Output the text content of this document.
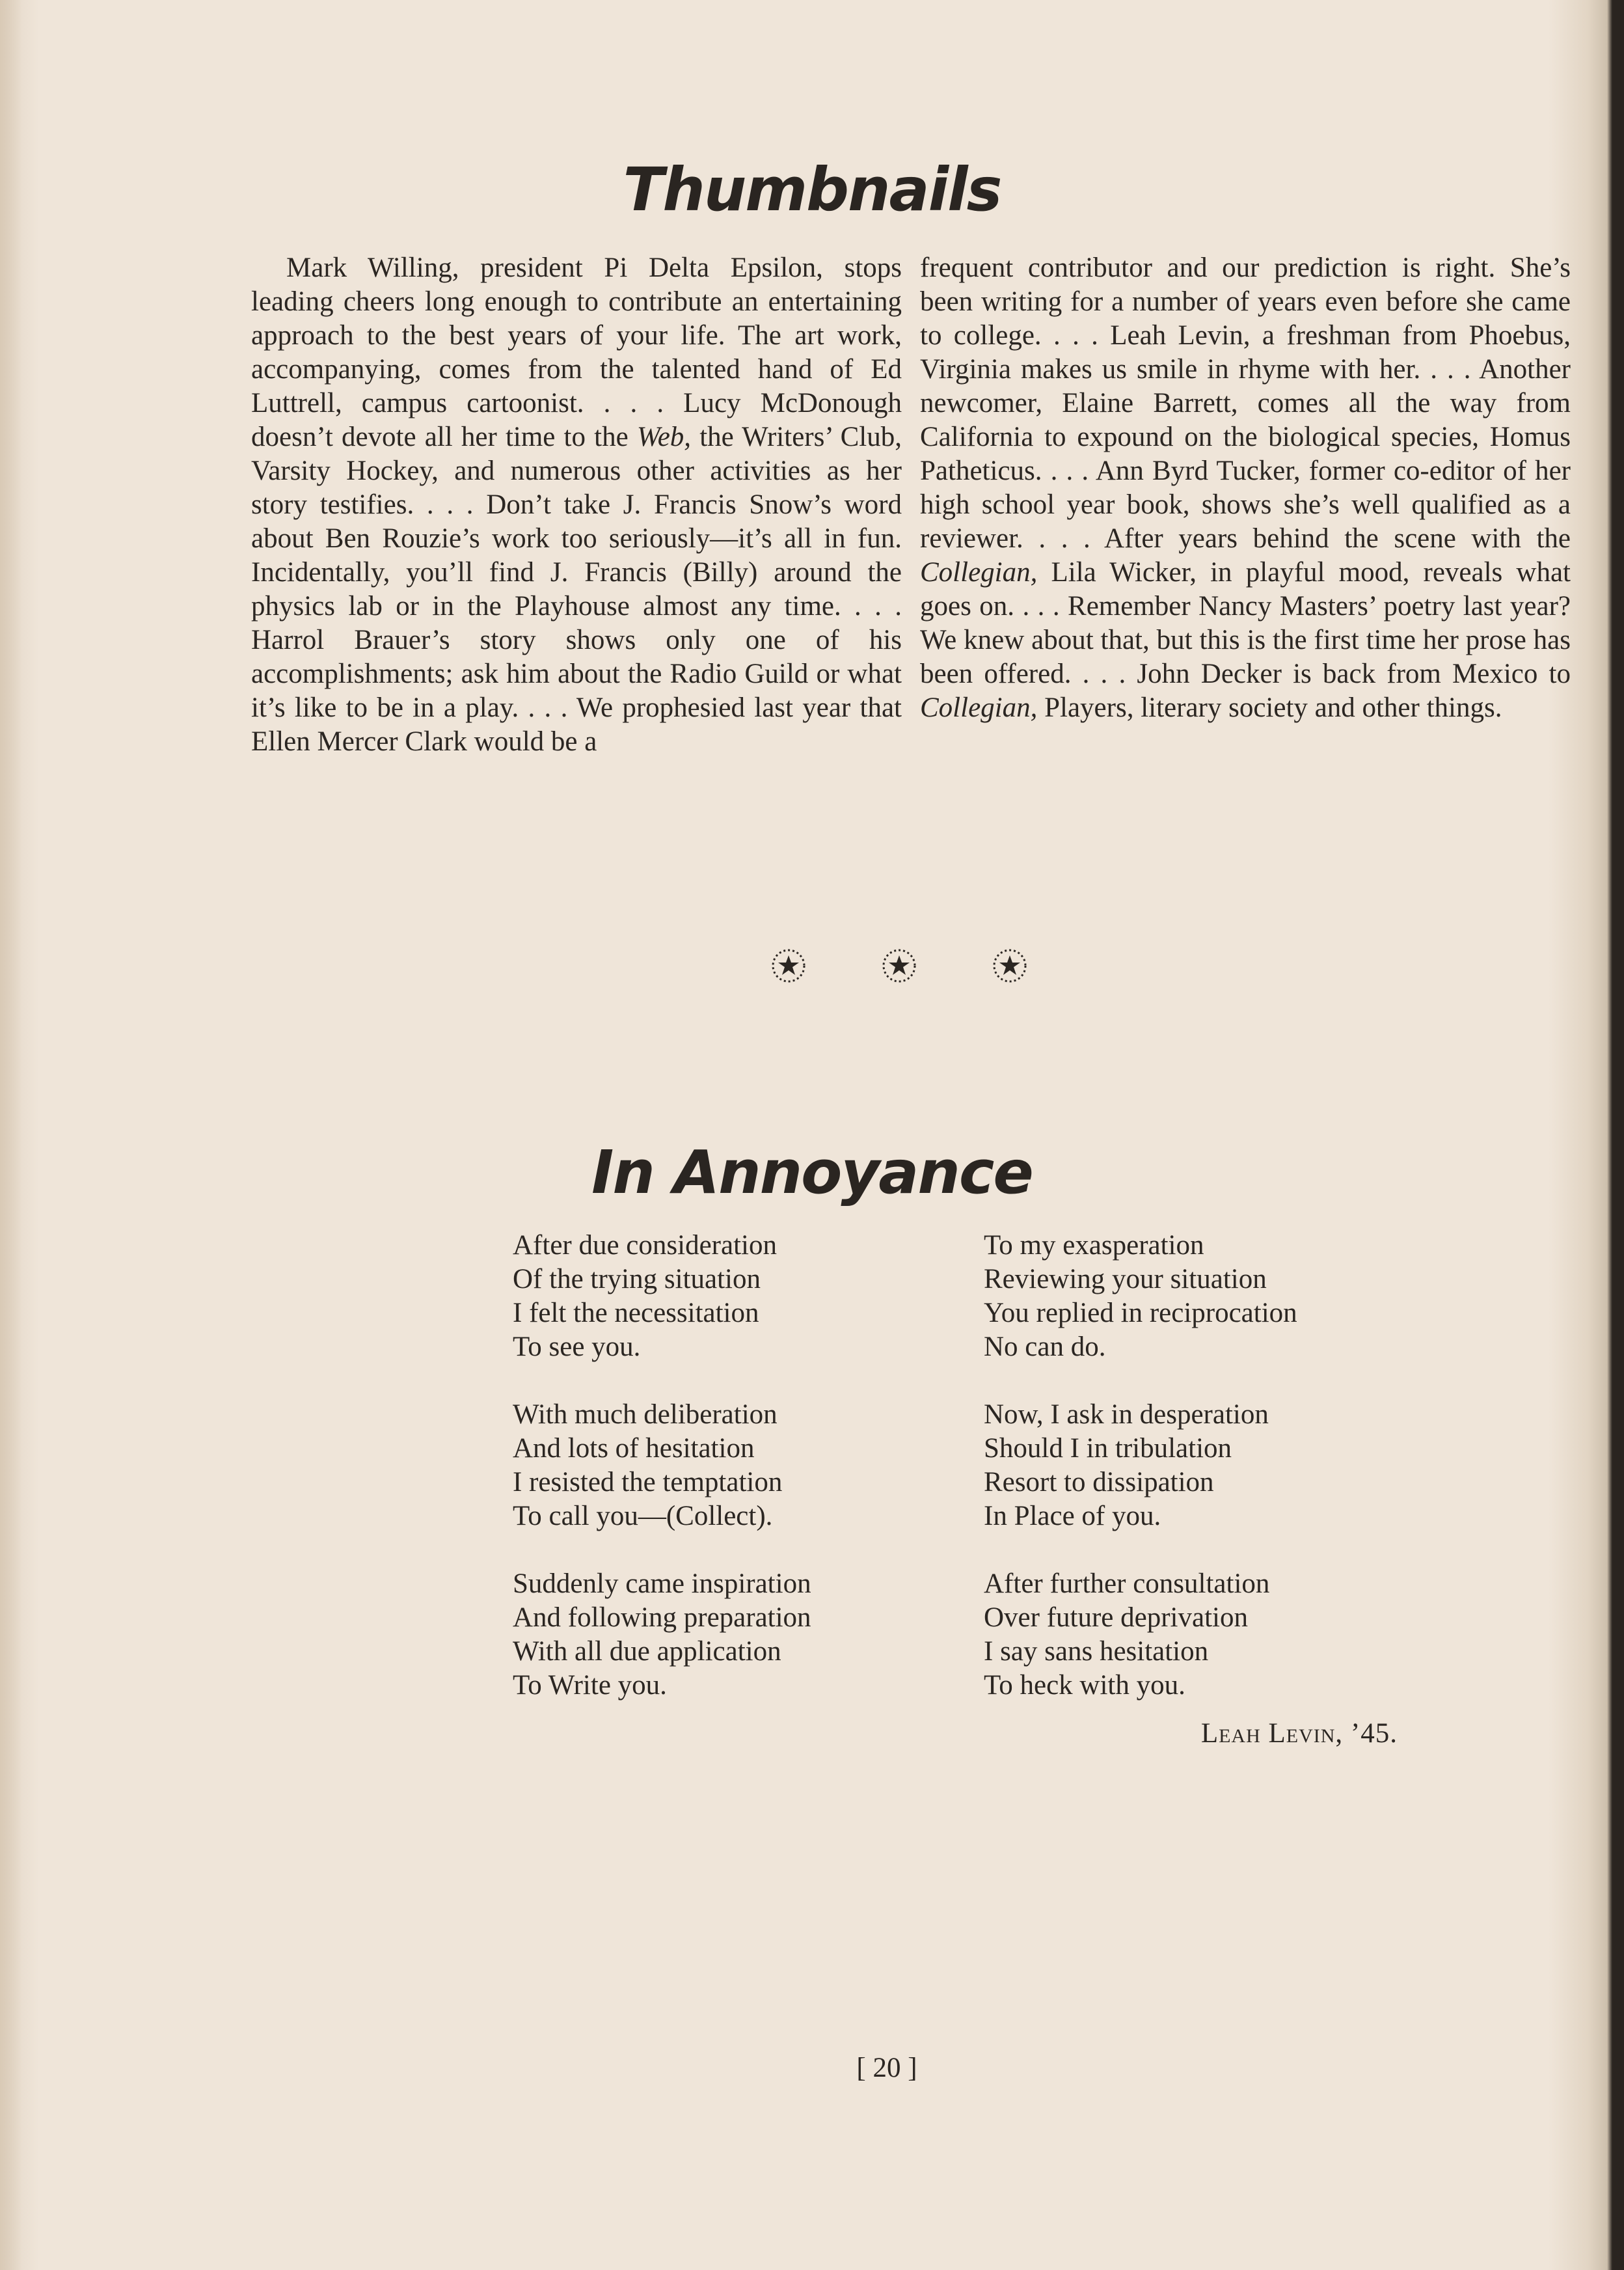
Thumbnails

Mark Willing, president Pi Delta Epsilon, stops leading cheers long enough to contribute an entertaining approach to the best years of your life. The art work, accompanying, comes from the talented hand of Ed Luttrell, campus cartoonist. . . . Lucy McDonough doesn’t devote all her time to the Web, the Writers’ Club, Varsity Hockey, and numerous other activities as her story testifies. . . . Don’t take J. Francis Snow’s word about Ben Rouzie’s work too seriously—it’s all in fun. Incidentally, you’ll find J. Francis (Billy) around the physics lab or in the Playhouse almost any time. . . . Harrol Brauer’s story shows only one of his accomplishments; ask him about the Radio Guild or what it’s like to be in a play. . . . We prophesied last year that Ellen Mercer Clark would be a

frequent contributor and our prediction is right. She’s been writing for a number of years even before she came to college. . . . Leah Levin, a freshman from Phoebus, Virginia makes us smile in rhyme with her. . . . Another newcomer, Elaine Barrett, comes all the way from California to expound on the biological species, Homus Patheticus. . . . Ann Byrd Tucker, former co-editor of her high school year book, shows she’s well qualified as a reviewer. . . . After years behind the scene with the Collegian, Lila Wicker, in playful mood, reveals what goes on. . . . Remember Nancy Masters’ poetry last year? We knew about that, but this is the first time her prose has been offered. . . . John Decker is back from Mexico to Collegian, Players, literary society and other things.

In Annoyance
After due consideration
Of the trying situation
I felt the necessitation
To see you.
With much deliberation
And lots of hesitation
I resisted the temptation
To call you—(Collect).
Suddenly came inspiration
And following preparation
With all due application
To Write you.
To my exasperation
Reviewing your situation
You replied in reciprocation
No can do.
Now, I ask in desperation
Should I in tribulation
Resort to dissipation
In Place of you.
After further consultation
Over future deprivation
I say sans hesitation
To heck with you.
Leah Levin, ’45.
[ 20 ]
